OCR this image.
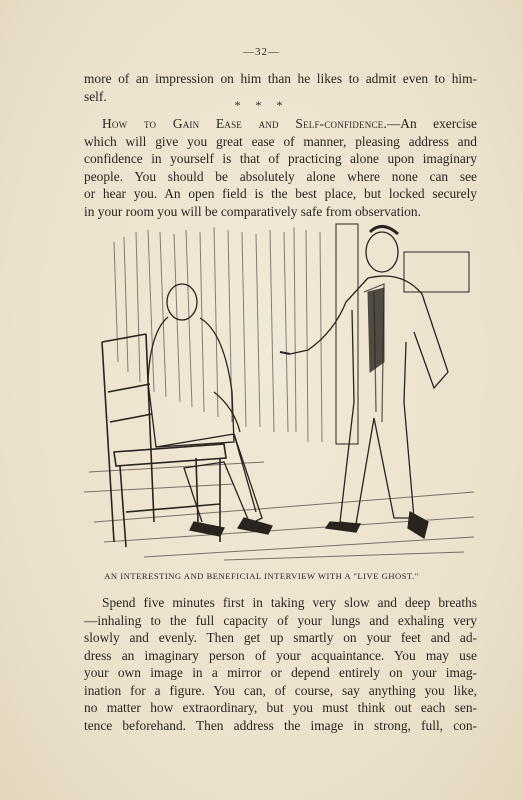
—32—
more of an impression on him than he likes to admit even to him-
self.
* * *
How to Gain Ease and Self-confidence.—An exercise
which will give you great ease of manner, pleasing address and
confidence in yourself is that of practicing alone upon imaginary
people. You should be absolutely alone where none can see
or hear you. An open field is the best place, but locked securely
in your room you will be comparatively safe from observation.
AN INTERESTING AND BENEFICIAL INTERVIEW WITH A "LIVE GHOST."
Spend five minutes first in taking very slow and deep breaths
—inhaling to the full capacity of your lungs and exhaling very
slowly and evenly. Then get up smartly on your feet and ad-
dress an imaginary person of your acquaintance. You may use
your own image in a mirror or depend entirely on your imag-
ination for a figure. You can, of course, say anything you like,
no matter how extraordinary, but you must think out each sen-
tence beforehand. Then address the image in strong, full, con-
